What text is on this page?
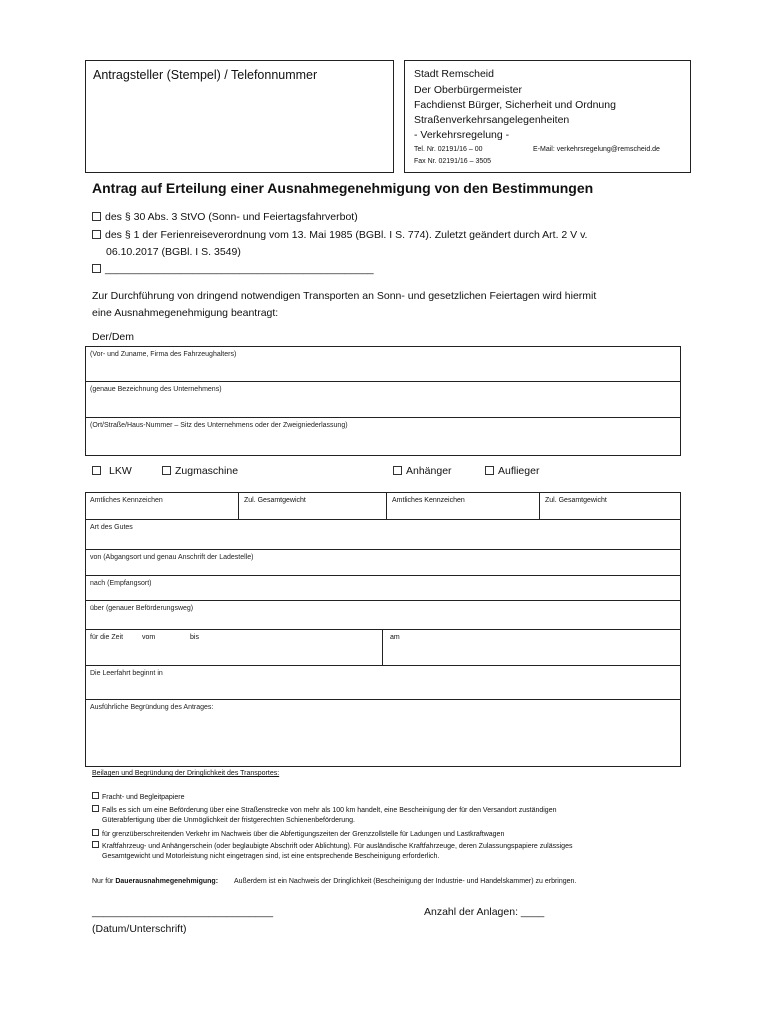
Antragsteller (Stempel) / Telefonnummer	Stadt Remscheid
Der Oberbürgermeister
Fachdienst Bürger, Sicherheit und Ordnung
Straßenverkehrsangelegenheiten
- Verkehrsregelung -
Tel. Nr. 02191/16 – 00	E-Mail: verkehrsregelung@remscheid.de
Fax Nr. 02191/16 – 3505
Antrag auf Erteilung einer Ausnahmegenehmigung von den Bestimmungen
des § 30 Abs. 3 StVO (Sonn- und Feiertagsfahrverbot)
des § 1 der Ferienreiseverordnung vom 13. Mai 1985 (BGBl. I S. 774). Zuletzt geändert durch Art. 2 V v.
06.10.2017 (BGBl. I S. 3549)
______________________________________________
Zur Durchführung von dringend notwendigen Transporten an Sonn- und gesetzlichen Feiertagen wird hiermit
eine Ausnahmegenehmigung beantragt:
Der/Dem
(Vor- und Zuname, Firma des Fahrzeughalters)
(genaue Bezeichnung des Unternehmens)
(Ort/Straße/Haus-Nummer – Sitz des Unternehmens oder der Zweigniederlassung)
LKW	Zugmaschine	Anhänger	Auflieger
Amtliches Kennzeichen	Zul. Gesamtgewicht	Amtliches Kennzeichen	Zul. Gesamtgewicht
Art des Gutes
von (Abgangsort und genau Anschrift der Ladestelle)
nach (Empfangsort)
über (genauer Beförderungsweg)
für die Zeit	vom	bis	am
Die Leerfahrt beginnt in
Ausführliche Begründung des Antrages:
Beilagen und Begründung der Dringlichkeit des Transportes:
Fracht- und Begleitpapiere
Falls es sich um eine Beförderung über eine Straßenstrecke von mehr als 100 km handelt, eine Bescheinigung der für den Versandort zuständigen
Güterabfertigung über die Unmöglichkeit der fristgerechten Schienenbeförderung.
für grenzüberschreitenden Verkehr im Nachweis über die Abfertigungszeiten der Grenzzollstelle für Ladungen und Lastkraftwagen
Kraftfahrzeug- und Anhängerschein (oder beglaubigte Abschrift oder Ablichtung). Für ausländische Kraftfahrzeuge, deren Zulassungspapiere zulässiges
Gesamtgewicht und Motorleistung nicht eingetragen sind, ist eine entsprechende Bescheinigung erforderlich.
Nur für Dauerausnahmegenehmigung: Außerdem ist ein Nachweis der Dringlichkeit (Bescheinigung der Industrie- und Handelskammer) zu erbringen.
_______________________________	Anzahl der Anlagen: ____
(Datum/Unterschrift)
